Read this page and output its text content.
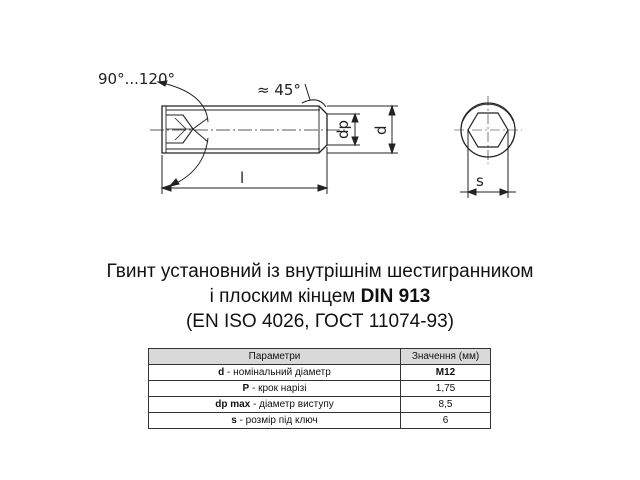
90°...120°
≈ 45°
l
dp d
s
Гвинт установний із внутрішнім шестигранником
і плоским кінцем DIN 913
(EN ISO 4026, ГОСТ 11074-93)
Параметри	Значення (мм)
d - номінальний діаметр	M12
P - крок нарізі	1,75
dp max - діаметр виступу	8,5
s - розмір під ключ	6
